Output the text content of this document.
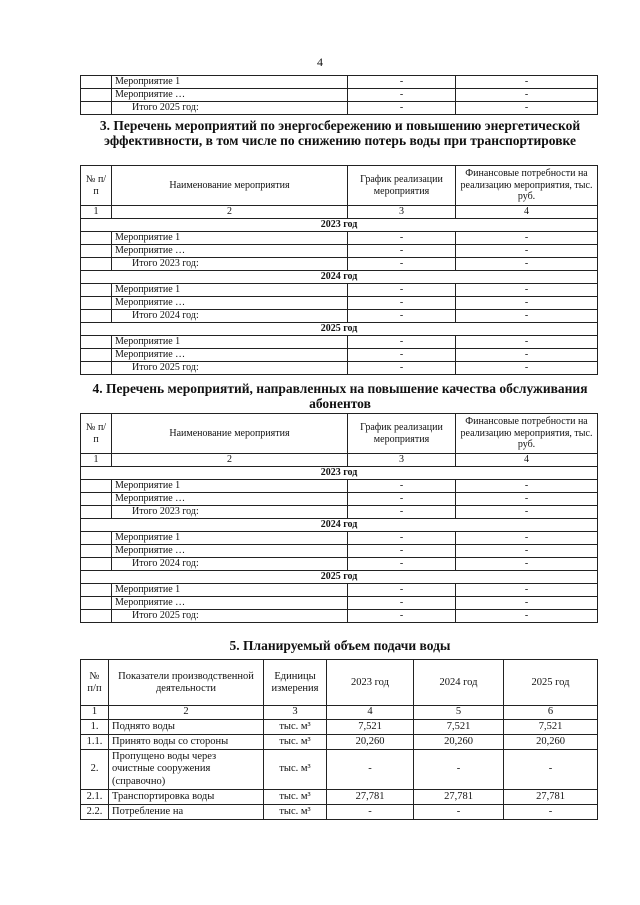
4
	Мероприятие 1	-	-
	Мероприятие …	-	-
	Итого 2025 год:	-	-
3. Перечень мероприятий по энергосбережению и повышению энергетической эффективности, в том числе по снижению потерь воды при транспортировке
№ п/п	Наименование мероприятия	График реализации мероприятия	Финансовые потребности на реализацию мероприятия, тыс. руб.
1	2	3	4
2023 год			
	Мероприятие 1	-	-
	Мероприятие …	-	-
	Итого 2023 год:	-	-
2024 год			
	Мероприятие 1	-	-
	Мероприятие …	-	-
	Итого 2024 год:	-	-
2025 год			
	Мероприятие 1	-	-
	Мероприятие …	-	-
	Итого 2025 год:	-	-
4. Перечень мероприятий, направленных на повышение качества обслуживания абонентов
№ п/п	Наименование мероприятия	График реализации мероприятия	Финансовые потребности на реализацию мероприятия, тыс. руб.
1	2	3	4
2023 год			
	Мероприятие 1	-	-
	Мероприятие …	-	-
	Итого 2023 год:	-	-
2024 год			
	Мероприятие 1	-	-
	Мероприятие …	-	-
	Итого 2024 год:	-	-
2025 год			
	Мероприятие 1	-	-
	Мероприятие …	-	-
	Итого 2025 год:	-	-
5. Планируемый объем подачи воды
№ п/п	Показатели производственной деятельности	Единицы измерения	2023 год	2024 год	2025 год
1	2	3	4	5	6
1.	Поднято воды	тыс. м³	7,521	7,521	7,521
1.1.	Принято воды со стороны	тыс. м³	20,260	20,260	20,260
2.	Пропущено воды через очистные сооружения (справочно)	тыс. м³	-	-	-
2.1.	Транспортировка воды	тыс. м³	27,781	27,781	27,781
2.2.	Потребление на	тыс. м³	-	-	-
